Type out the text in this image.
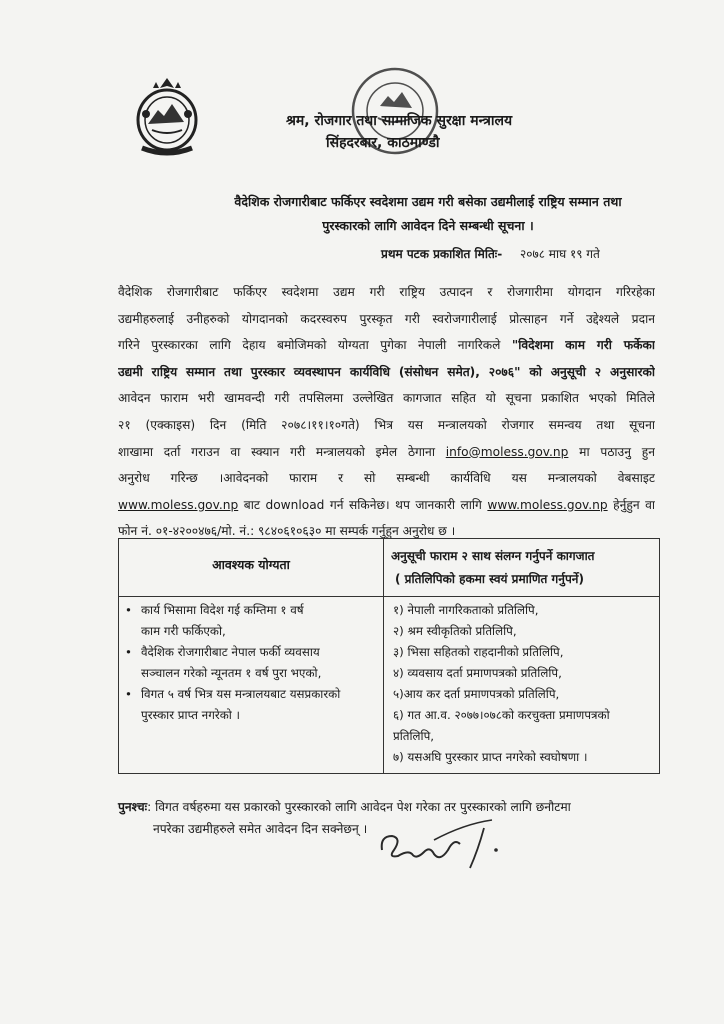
श्रम, रोजगार तथा सामाजिक सुरक्षा मन्त्रालय
सिंहदरबार, काठमाण्डौ
वैदेशिक रोजगारीबाट फर्किएर स्वदेशमा उद्यम गरी बसेका उद्यमीलाई राष्ट्रिय सम्मान तथा
पुरस्कारको लागि आवेदन दिने सम्बन्धी सूचना ।
प्रथम पटक प्रकाशित मितिः- २०७८ माघ १९ गते
वैदेशिक रोजगारीबाट फर्किएर स्वदेशमा उद्यम गरी राष्ट्रिय उत्पादन र रोजगारीमा योगदान गरिरहेका
उद्यमीहरुलाई उनीहरुको योगदानको कदरस्वरुप पुरस्कृत गरी स्वरोजगारीलाई प्रोत्साहन गर्ने उद्देश्यले प्रदान
गरिने पुरस्कारका लागि देहाय बमोजिमको योग्यता पुगेका नेपाली नागरिकले "विदेशमा काम गरी फर्केका
उद्यमी राष्ट्रिय सम्मान तथा पुरस्कार व्यवस्थापन कार्यविधि (संसोधन समेत), २०७६" को अनुसूची २ अनुसारको
आवेदन फाराम भरी खामवन्दी गरी तपसिलमा उल्लेखित कागजात सहित यो सूचना प्रकाशित भएको मितिले
२१ (एक्काइस) दिन (मिति २०७८।११।१०गते) भित्र यस मन्त्रालयको रोजगार समन्वय तथा सूचना
शाखामा दर्ता गराउन वा स्क्यान गरी मन्त्रालयको इमेल ठेगाना info@moless.gov.np मा पठाउनु हुन
अनुरोध गरिन्छ ।आवेदनको फाराम र सो सम्बन्धी कार्यविधि यस मन्त्रालयको वेबसाइट
www.moless.gov.np बाट download गर्न सकिनेछ। थप जानकारी लागि www.moless.gov.np हेर्नुहुन वा
फोन नं. ०१-४२००४७६/मो. नं.: ९८४०६१०६३० मा सम्पर्क गर्नुहुन अनुरोध छ ।
आवश्यक योग्यता
अनुसूची फाराम २ साथ संलग्न गर्नुपर्ने कागजात
( प्रतिलिपिको हकमा स्वयं प्रमाणित गर्नुपर्ने)
• कार्य भिसामा विदेश गई कम्तिमा १ वर्ष
काम गरी फर्किएको,
• वैदेशिक रोजगारीबाट नेपाल फर्की व्यवसाय
सञ्चालन गरेको न्यूनतम १ वर्ष पुरा भएको,
• विगत ५ वर्ष भित्र यस मन्त्रालयबाट यसप्रकारको
पुरस्कार प्राप्त नगरेको ।
१) नेपाली नागरिकताको प्रतिलिपि,
२) श्रम स्वीकृतिको प्रतिलिपि,
३) भिसा सहितको राहदानीको प्रतिलिपि,
४) व्यवसाय दर्ता प्रमाणपत्रको प्रतिलिपि,
५)आय कर दर्ता प्रमाणपत्रको प्रतिलिपि,
६) गत आ.व. २०७७।०७८को करचुक्ता प्रमाणपत्रको
प्रतिलिपि,
७) यसअघि पुरस्कार प्राप्त नगरेको स्वघोषणा ।
पुनश्चः: विगत वर्षहरुमा यस प्रकारको पुरस्कारको लागि आवेदन पेश गरेका तर पुरस्कारको लागि छनौटमा
नपरेका उद्यमीहरुले समेत आवेदन दिन सक्नेछन् ।
